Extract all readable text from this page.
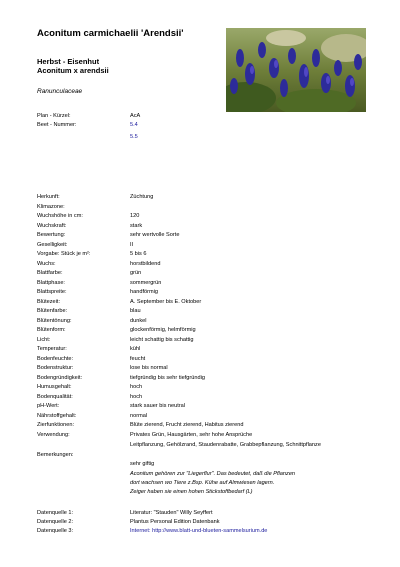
Aconitum carmichaelii 'Arendsii'
Herbst - Eisenhut
Aconitum x arendsii
Ranunculaceae
Plan - Kürzel:	AcA
Beet - Nummer:	5.4
5.5
Herkunft:	Züchtung
Klimazone:
Wuchshöhe in cm:	120
Wuchskraft:	stark
Bewertung:	sehr wertvolle Sorte
Geselligkeit:	II
Vorgabe: Stück je m²:	5 bis 6
Wuchs:	horstbildend
Blattfarbe:	grün
Blattphase:	sommergrün
Blattspreite:	handförmig
Blütezeit:	A. September bis E. Oktober
Blütenfarbe:	blau
Blütentönung:	dunkel
Blütenform:	glockenförmig, helmförmig
Licht:	leicht schattig bis schattig
Temperatur:	kühl
Bodenfeuchte:	feucht
Bodenstruktur:	lose bis normal
Bodengründigkeit:	tiefgründig bis sehr tiefgründig
Humusgehalt:	hoch
Bodenqualität:	hoch
pH-Wert:	stark sauer bis neutral
Nährstoffgehalt:	normal
Zierfunktionen:	Blüte zierend, Frucht zierend, Habitus zierend
Verwendung:	Privates Grün, Hausgärten, sehr hohe Ansprüche
Leitpflanzung, Gehölzrand, Staudenrabatte, Grabbepflanzung, Schnittpflanze
Bemerkungen:
sehr giftig
Aconitum gehören zur "Liegerflur". Das bedeutet, daß die Pflanzen
dort wachsen wo Tiere z.Bsp. Kühe auf Almwiesen lagern.
Zeiger haben sie einen hohen Stickstoffbedarf (L)
Datenquelle 1:	Literatur: "Stauden" Willy Seyffert
Datenquelle 2:	Plantus Personal Edition Datenbank
Datenquelle 3:	Internet: http://www.blatt-und-blueten-sammelsurium.de
